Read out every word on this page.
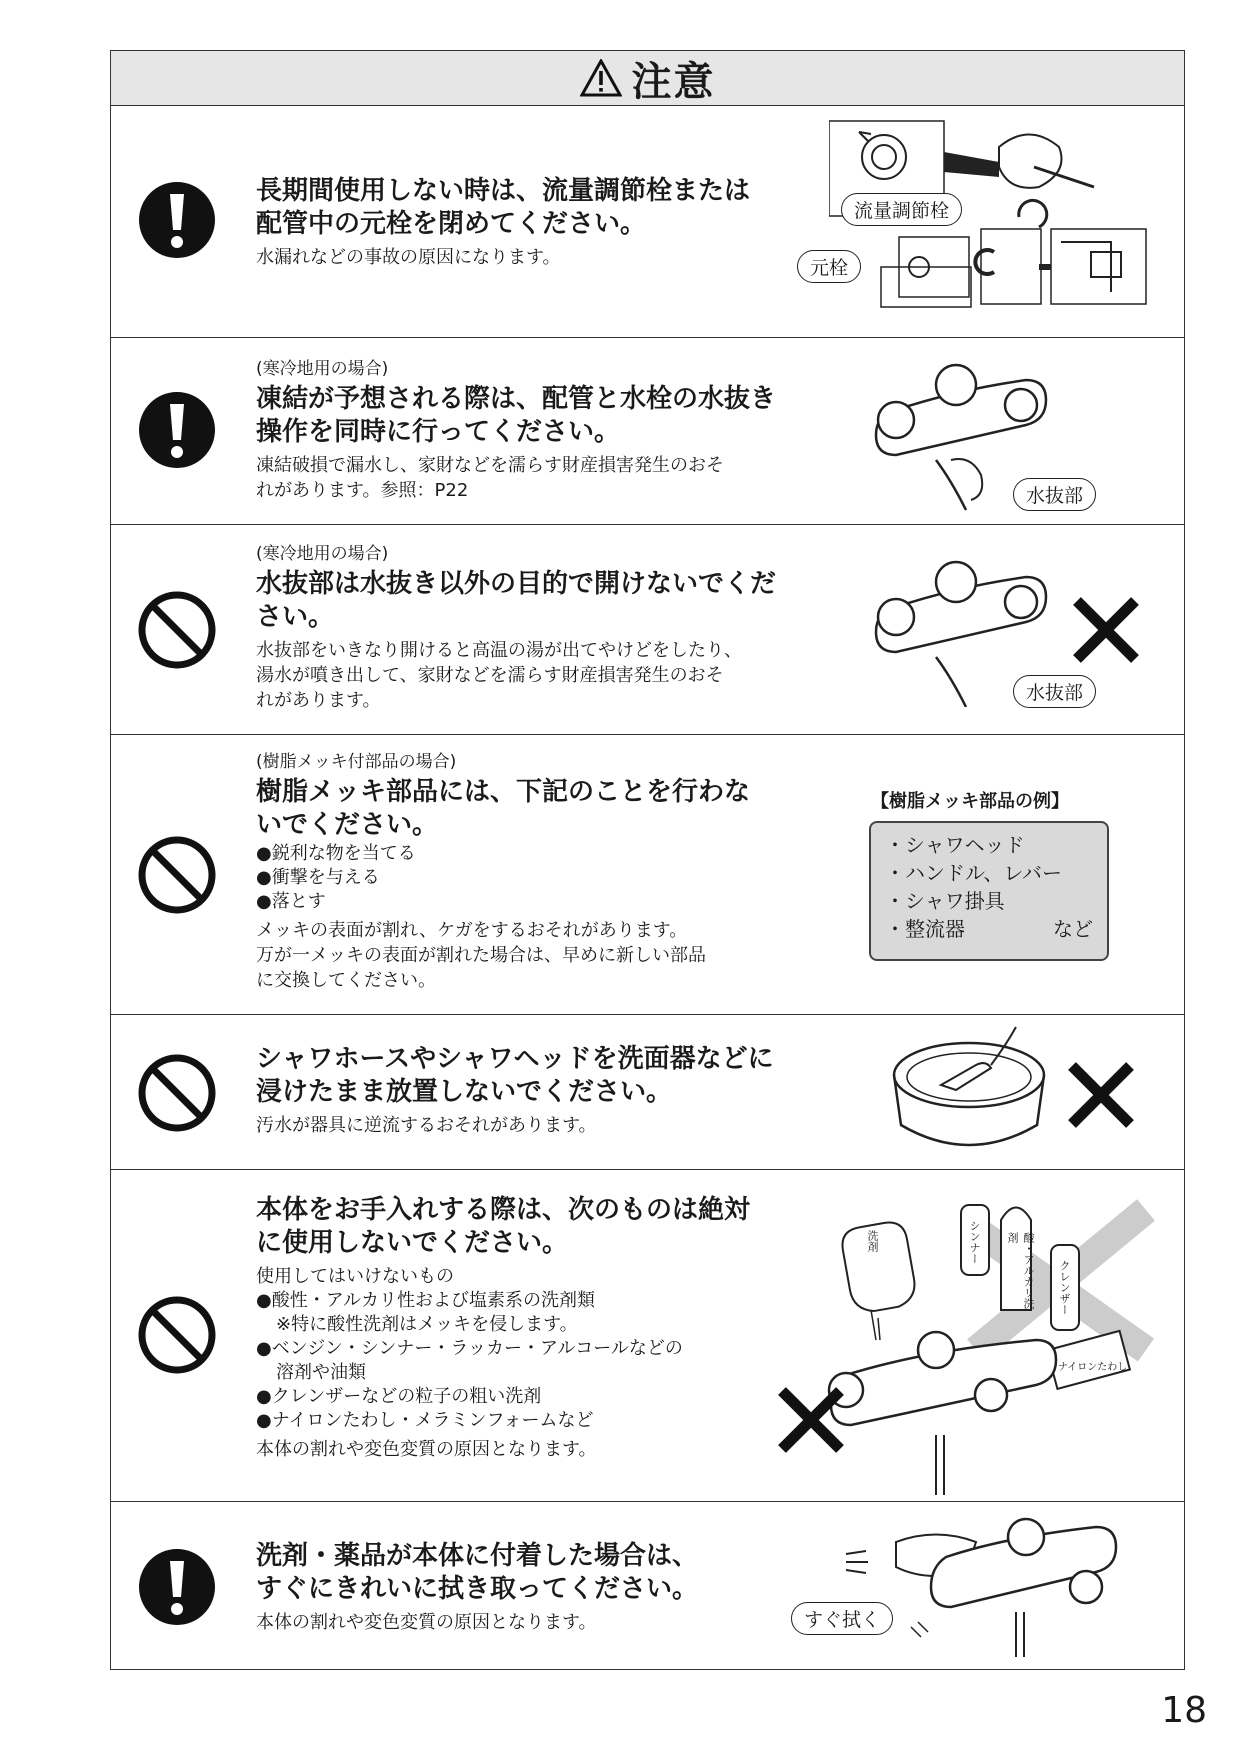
注意
長期間使用しない時は、流量調節栓または
配管中の元栓を閉めてください。
水漏れなどの事故の原因になります。
流量調節栓
元栓
(寒冷地用の場合)
凍結が予想される際は、配管と水栓の水抜き
操作を同時に行ってください。
凍結破損で漏水し、家財などを濡らす財産損害発生のおそ
れがあります。参照：P22	水抜部
(寒冷地用の場合)
水抜部は水抜き以外の目的で開けないでくだ
さい。
水抜部をいきなり開けると高温の湯が出てやけどをしたり、
湯水が噴き出して、家財などを濡らす財産損害発生のおそ
れがあります。	水抜部
(樹脂メッキ付部品の場合)
樹脂メッキ部品には、下記のことを行わな
いでください。
●鋭利な物を当てる
●衝撃を与える
●落とす
メッキの表面が割れ、ケガをするおそれがあります。
万が一メッキの表面が割れた場合は、早めに新しい部品
に交換してください。
【樹脂メッキ部品の例】
・シャワヘッド
・ハンドル、レバー
・シャワ掛具
・整流器	など
シャワホースやシャワヘッドを洗面器などに
浸けたまま放置しないでください。
汚水が器具に逆流するおそれがあります。
本体をお手入れする際は、次のものは絶対
に使用しないでください。
使用してはいけないもの
●酸性・アルカリ性および塩素系の洗剤類
※特に酸性洗剤はメッキを侵します。
●ベンジン・シンナー・ラッカー・アルコールなどの
溶剤や油類
●クレンザーなどの粒子の粗い洗剤
●ナイロンたわし・メラミンフォームなど
本体の割れや変色変質の原因となります。
シンナー	酸・アルカリ洗剤
クレンザー
ナイロンたわし
洗剤
洗剤・薬品が本体に付着した場合は、
すぐにきれいに拭き取ってください。
本体の割れや変色変質の原因となります。	すぐ拭く
18
